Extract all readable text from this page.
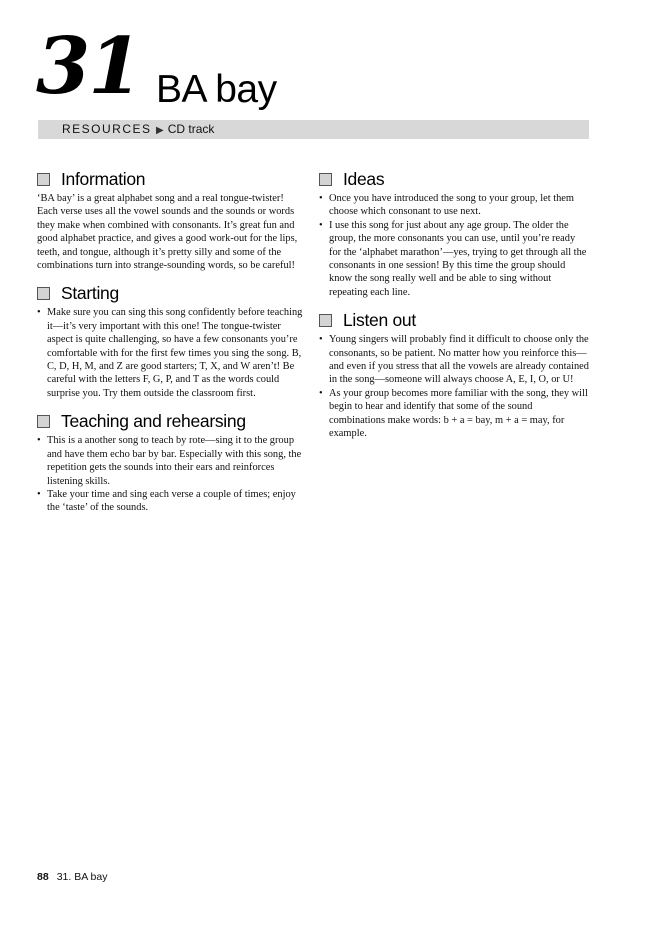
31 BA bay
RESOURCES ▶ CD track
Information

‘BA bay’ is a great alphabet song and a real tongue-twister! Each verse uses all the vowel sounds and the sounds or words they make when combined with consonants. It’s great fun and good alphabet practice, and gives a good work-out for the lips, teeth, and tongue, although it’s pretty silly and some of the combinations turn into strange-sounding words, so be careful!

Starting
• Make sure you can sing this song confidently before teaching it—it’s very important with this one! The tongue-twister aspect is quite challenging, so have a few consonants you’re comfortable with for the first few times you sing the song. B, C, D, H, M, and Z are good starters; T, X, and W aren’t! Be careful with the letters F, G, P, and T as the words could surprise you. Try them outside the classroom first.
Teaching and rehearsing
• This is a another song to teach by rote—sing it to the group and have them echo bar by bar. Especially with this song, the repetition gets the sounds into their ears and reinforces listening skills.
• Take your time and sing each verse a couple of times; enjoy the ‘taste’ of the sounds.
Ideas
• Once you have introduced the song to your group, let them choose which consonant to use next.
• I use this song for just about any age group. The older the group, the more consonants you can use, until you’re ready for the ‘alphabet marathon’—yes, trying to get through all the consonants in one session! By this time the group should know the song really well and be able to sing without repeating each line.
Listen out
• Young singers will probably find it difficult to choose only the consonants, so be patient. No matter how you reinforce this—and even if you stress that all the vowels are already contained in the song—someone will always choose A, E, I, O, or U!
• As your group becomes more familiar with the song, they will begin to hear and identify that some of the sound combinations make words: b + a = bay, m + a = may, for example.
88 31. BA bay
